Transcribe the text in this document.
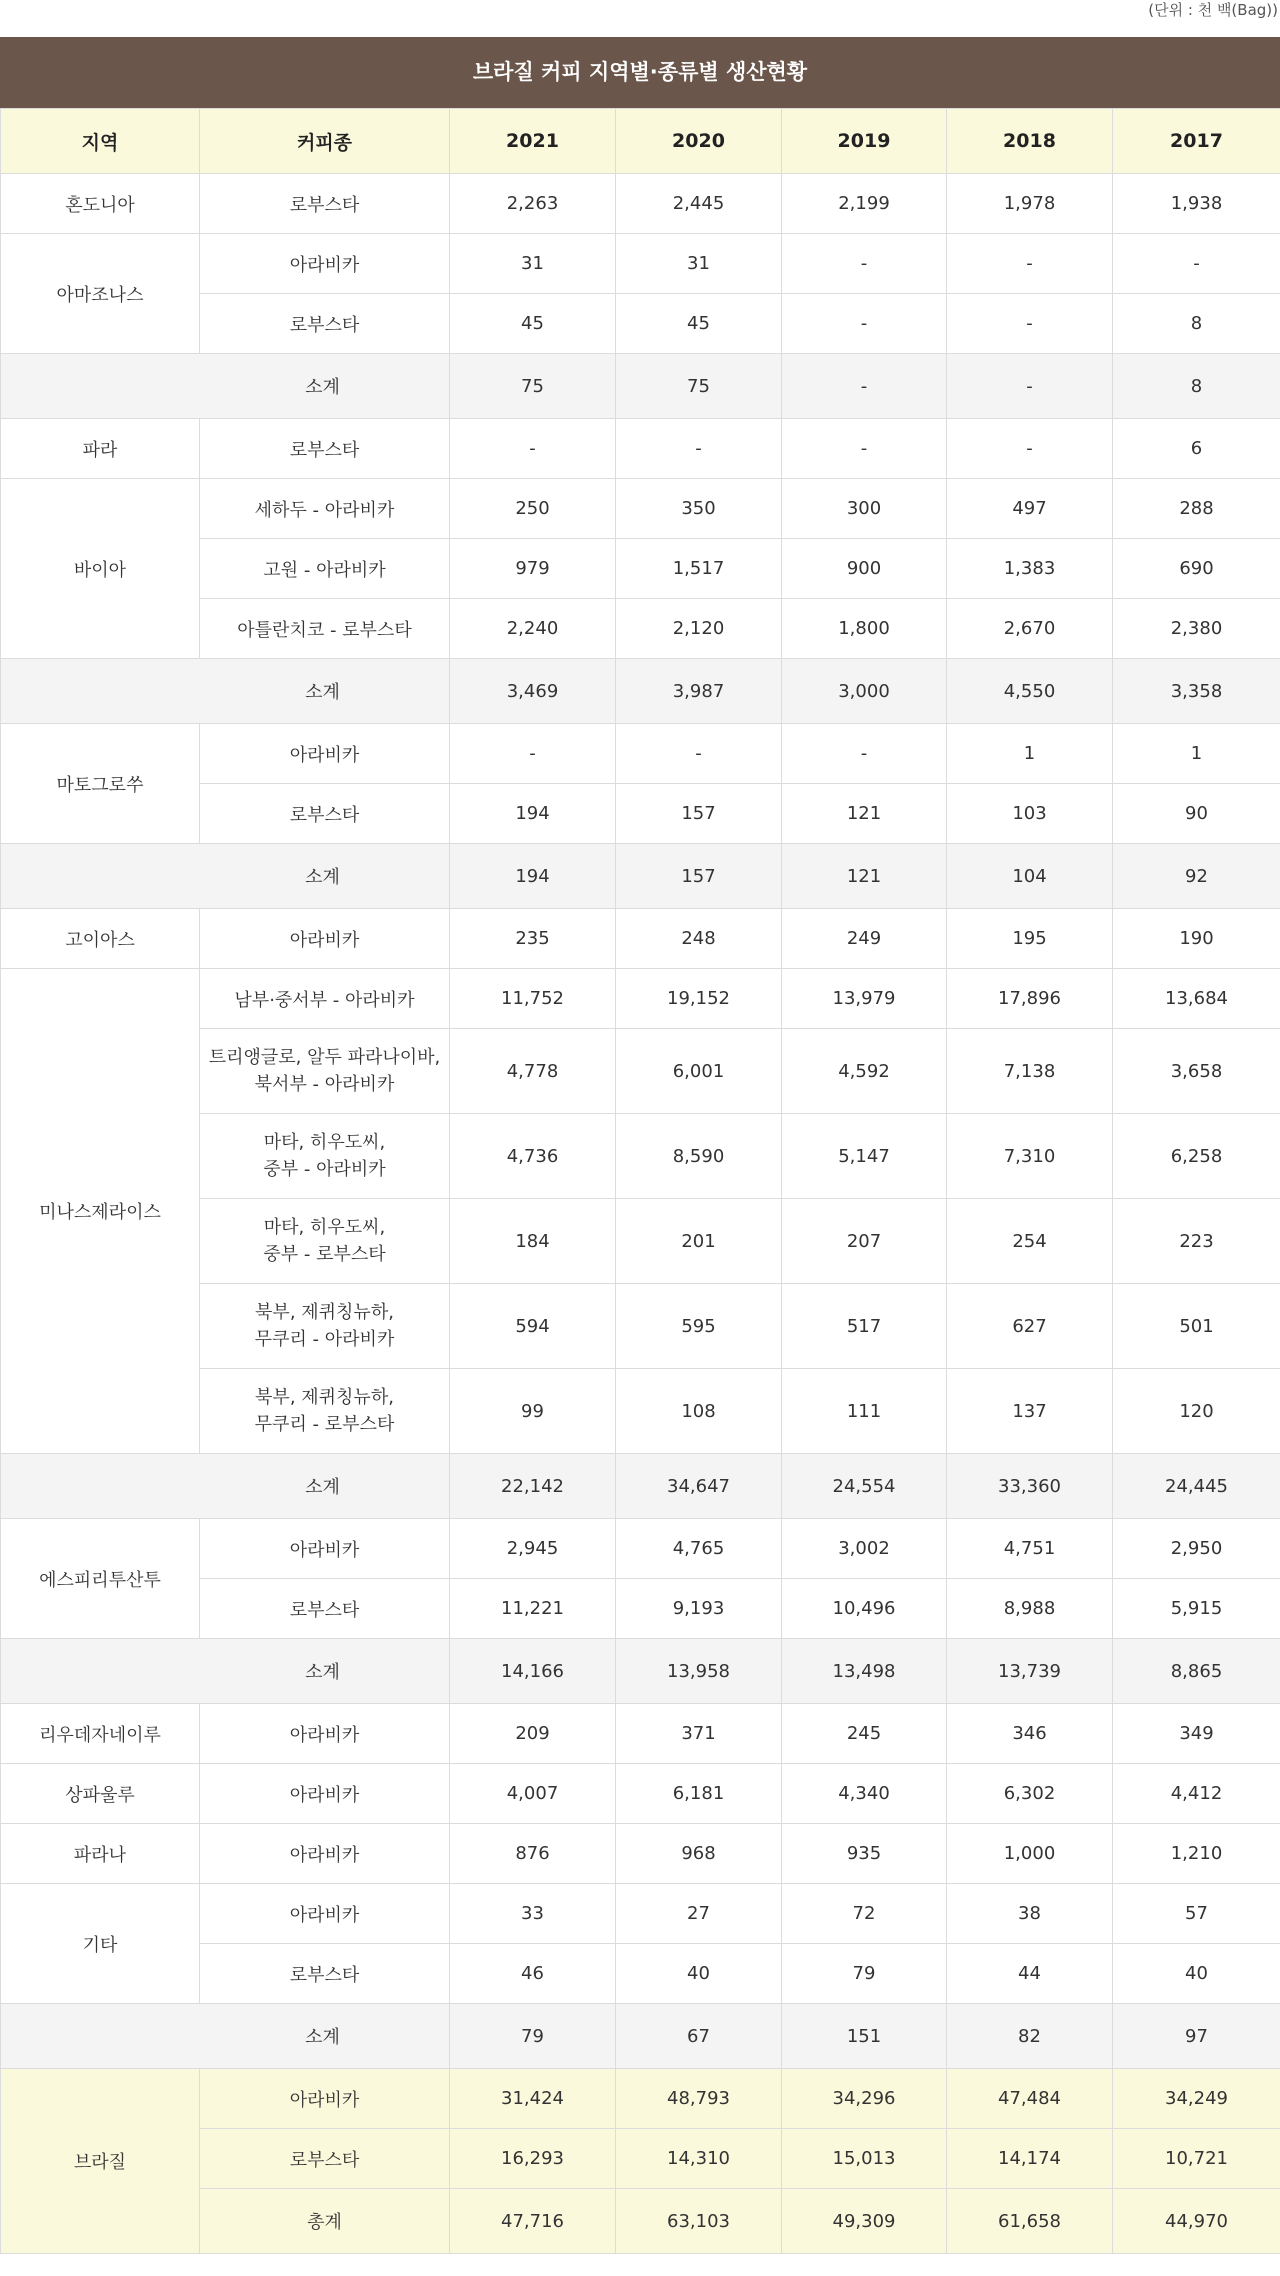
(단위 : 천 백(Bag))
브라질 커피 지역별·종류별 생산현황
지역	커피종	2021	2020	2019	2018	2017
혼도니아	로부스타	2,263	2,445	2,199	1,978	1,938
아마조나스	아라비카	31	31	-	-	-
	로부스타	45	45	-	-	8
소계		75	75	-	-	8
파라	로부스타	-	-	-	-	6
바이아	세하두 - 아라비카	250	350	300	497	288
	고원 - 아라비카	979	1,517	900	1,383	690
	아틀란치코 - 로부스타	2,240	2,120	1,800	2,670	2,380
소계		3,469	3,987	3,000	4,550	3,358
마토그로쑤	아라비카	-	-	-	1	1
	로부스타	194	157	121	103	90
소계		194	157	121	104	92
고이아스	아라비카	235	248	249	195	190
미나스제라이스	남부·중서부 - 아라비카	11,752	19,152	13,979	17,896	13,684
	트리앵글로, 알두 파라나이바,
북서부 - 아라비카	4,778	6,001	4,592	7,138	3,658
	마타, 히우도씨,
중부 - 아라비카	4,736	8,590	5,147	7,310	6,258
	마타, 히우도씨,
중부 - 로부스타	184	201	207	254	223
	북부, 제퀴칭뉴하,
무쿠리 - 아라비카	594	595	517	627	501
	북부, 제퀴칭뉴하,
무쿠리 - 로부스타	99	108	111	137	120
소계		22,142	34,647	24,554	33,360	24,445
에스피리투산투	아라비카	2,945	4,765	3,002	4,751	2,950
	로부스타	11,221	9,193	10,496	8,988	5,915
소계		14,166	13,958	13,498	13,739	8,865
리우데자네이루	아라비카	209	371	245	346	349
상파울루	아라비카	4,007	6,181	4,340	6,302	4,412
파라나	아라비카	876	968	935	1,000	1,210
기타	아라비카	33	27	72	38	57
	로부스타	46	40	79	44	40
소계		79	67	151	82	97
브라질	아라비카	31,424	48,793	34,296	47,484	34,249
	로부스타	16,293	14,310	15,013	14,174	10,721
	총계	47,716	63,103	49,309	61,658	44,970
